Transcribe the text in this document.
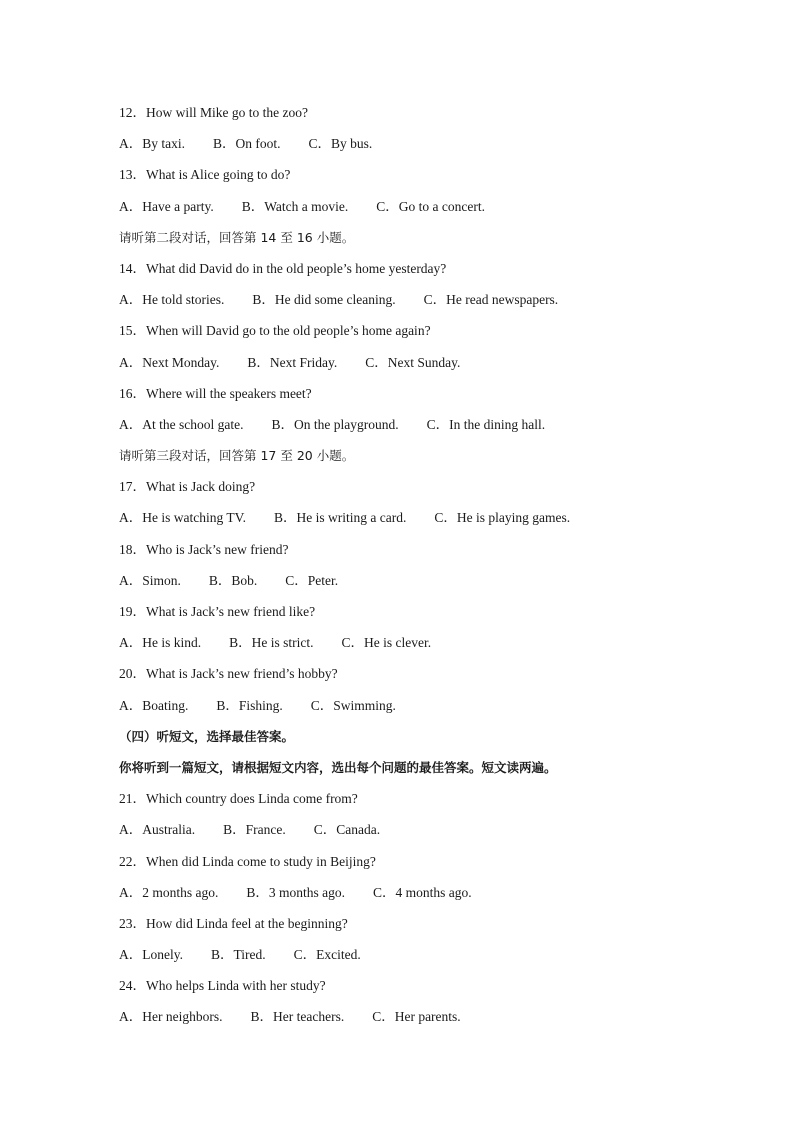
12．How will Mike go to the zoo?
A．By taxi. B．On foot. C．By bus.
13．What is Alice going to do?
A．Have a party. B．Watch a movie. C．Go to a concert.
请听第二段对话，回答第 14 至 16 小题。
14．What did David do in the old people’s home yesterday?
A．He told stories. B．He did some cleaning. C．He read newspapers.
15．When will David go to the old people’s home again?
A．Next Monday. B．Next Friday. C．Next Sunday.
16．Where will the speakers meet?
A．At the school gate. B．On the playground. C．In the dining hall.
请听第三段对话，回答第 17 至 20 小题。
17．What is Jack doing?
A．He is watching TV. B．He is writing a card. C．He is playing games.
18．Who is Jack’s new friend?
A．Simon. B．Bob. C．Peter.
19．What is Jack’s new friend like?
A．He is kind. B．He is strict. C．He is clever.
20．What is Jack’s new friend’s hobby?
A．Boating. B．Fishing. C．Swimming.
（四）听短文，选择最佳答案。
你将听到一篇短文，请根据短文内容，选出每个问题的最佳答案。短文读两遍。
21．Which country does Linda come from?
A．Australia. B．France. C．Canada.
22．When did Linda come to study in Beijing?
A．2 months ago. B．3 months ago. C．4 months ago.
23．How did Linda feel at the beginning?
A．Lonely. B．Tired. C．Excited.
24．Who helps Linda with her study?
A．Her neighbors. B．Her teachers. C．Her parents.
